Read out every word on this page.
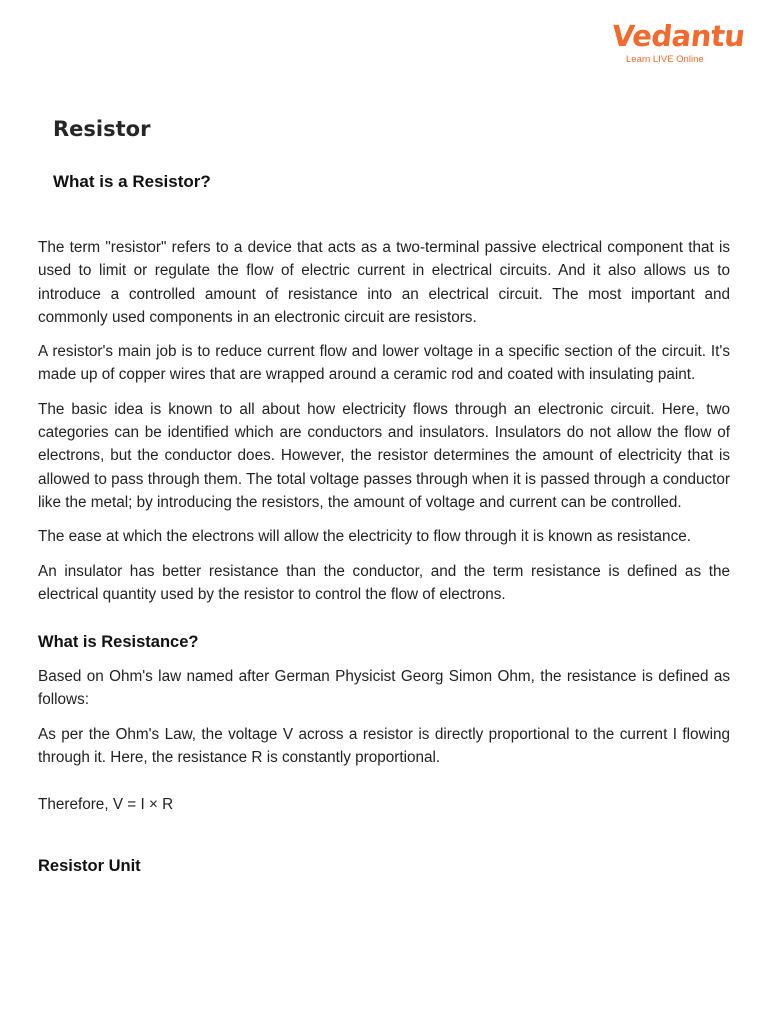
Vedantu
Learn LIVE Online
Resistor
What is a Resistor?

The term "resistor" refers to a device that acts as a two-terminal passive electrical component that is used to limit or regulate the flow of electric current in electrical circuits. And it also allows us to introduce a controlled amount of resistance into an electrical circuit. The most important and commonly used components in an electronic circuit are resistors.

A resistor's main job is to reduce current flow and lower voltage in a specific section of the circuit. It's made up of copper wires that are wrapped around a ceramic rod and coated with insulating paint.

The basic idea is known to all about how electricity flows through an electronic circuit. Here, two categories can be identified which are conductors and insulators. Insulators do not allow the flow of electrons, but the conductor does. However, the resistor determines the amount of electricity that is allowed to pass through them. The total voltage passes through when it is passed through a conductor like the metal; by introducing the resistors, the amount of voltage and current can be controlled.

The ease at which the electrons will allow the electricity to flow through it is known as resistance.

An insulator has better resistance than the conductor, and the term resistance is defined as the electrical quantity used by the resistor to control the flow of electrons.

What is Resistance?

Based on Ohm's law named after German Physicist Georg Simon Ohm, the resistance is defined as follows:

As per the Ohm's Law, the voltage V across a resistor is directly proportional to the current I flowing through it. Here, the resistance R is constantly proportional.

Therefore, V = I × R

Resistor Unit
